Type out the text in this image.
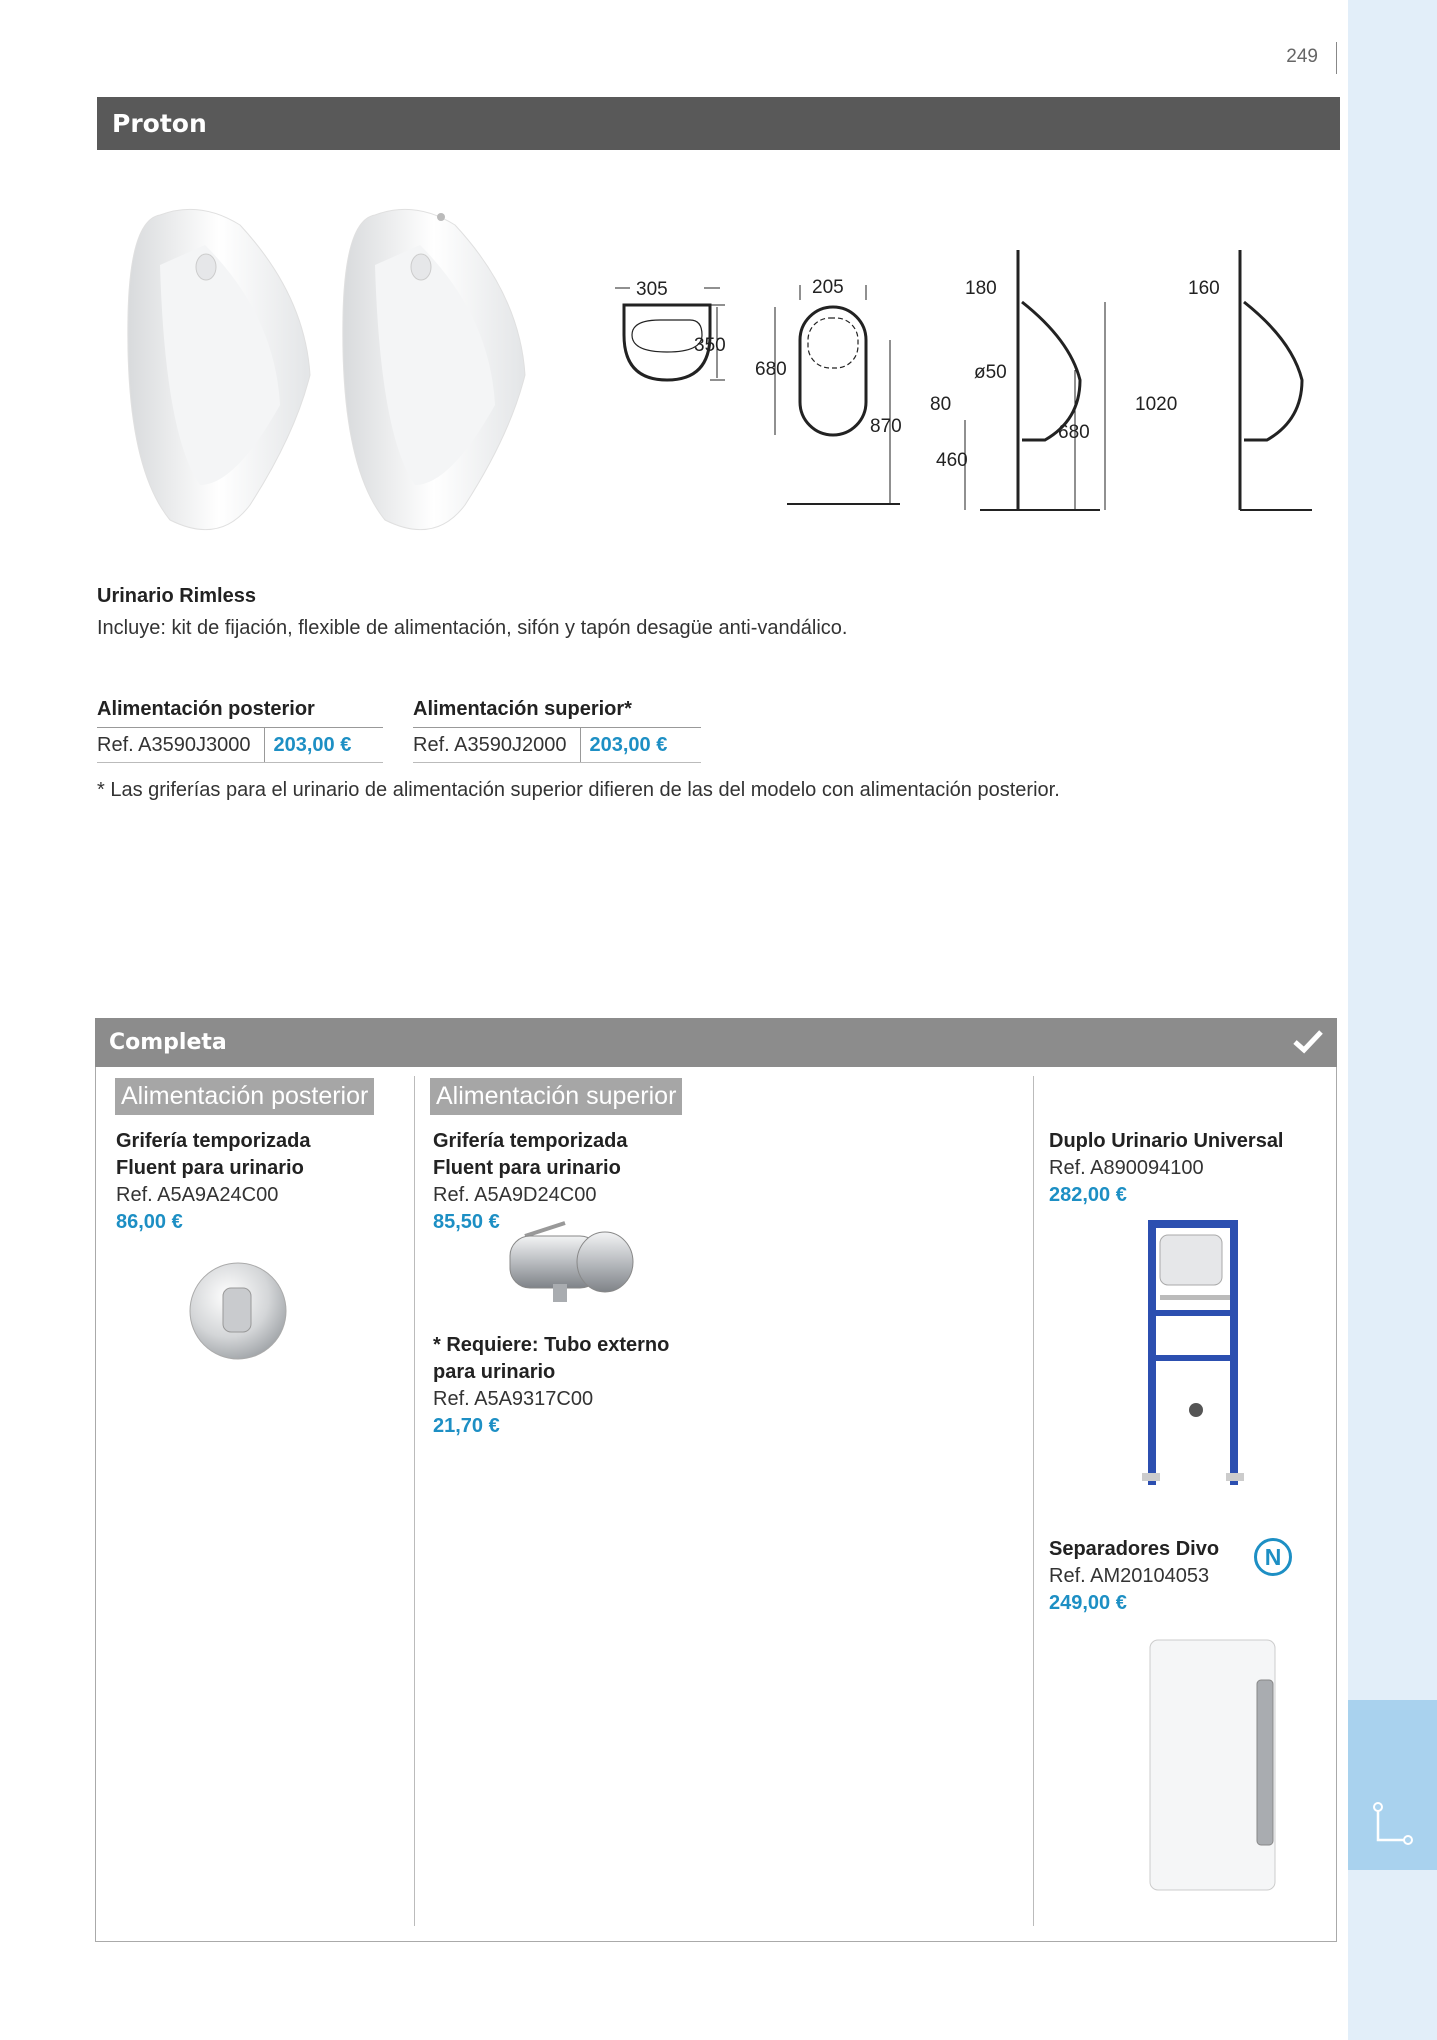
249
Proton
305
350
205
680
870
180
ø50
80
460
680
1020
160
Urinario Rimless
Incluye: kit de fijación, flexible de alimentación, sifón y tapón desagüe anti-vandálico.
Alimentación posterior
Ref. A3590J3000	203,00 €
Alimentación superior*
Ref. A3590J2000	203,00 €
* Las griferías para el urinario de alimentación superior difieren de las del modelo con alimentación posterior.
Completa
Alimentación posterior	Alimentación superior
Grifería temporizada
Fluent para urinario
Ref. A5A9A24C00
86,00 €
Grifería temporizada
Fluent para urinario
Ref. A5A9D24C00
85,50 €
* Requiere: Tubo externo
para urinario
Ref. A5A9317C00
21,70 €
Duplo Urinario Universal
Ref. A890094100
282,00 €
Separadores Divo
Ref. AM20104053
249,00 €
N
